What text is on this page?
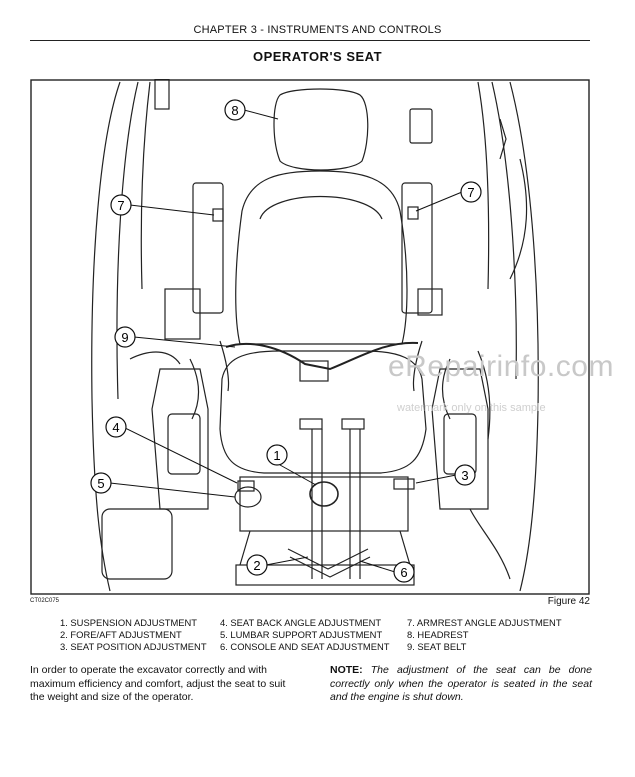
CHAPTER 3 - INSTRUMENTS AND CONTROLS
OPERATOR'S SEAT
8
7
7
9
1
4
5
3
2	6
eRepairinfo.com
watermark only on this sample
CT02C075	Figure 42
1. SUSPENSION ADJUSTMENT
2. FORE/AFT ADJUSTMENT
3. SEAT POSITION ADJUSTMENT
4. SEAT BACK ANGLE ADJUSTMENT
5. LUMBAR SUPPORT ADJUSTMENT
6. CONSOLE AND SEAT ADJUSTMENT
7. ARMREST ANGLE ADJUSTMENT
8. HEADREST
9. SEAT BELT
In order to operate the excavator correctly and with maximum efficiency and comfort, adjust the seat to suit the weight and size of the operator.
NOTE: The adjustment of the seat can be done correctly only when the operator is seated in the seat and the engine is shut down.
